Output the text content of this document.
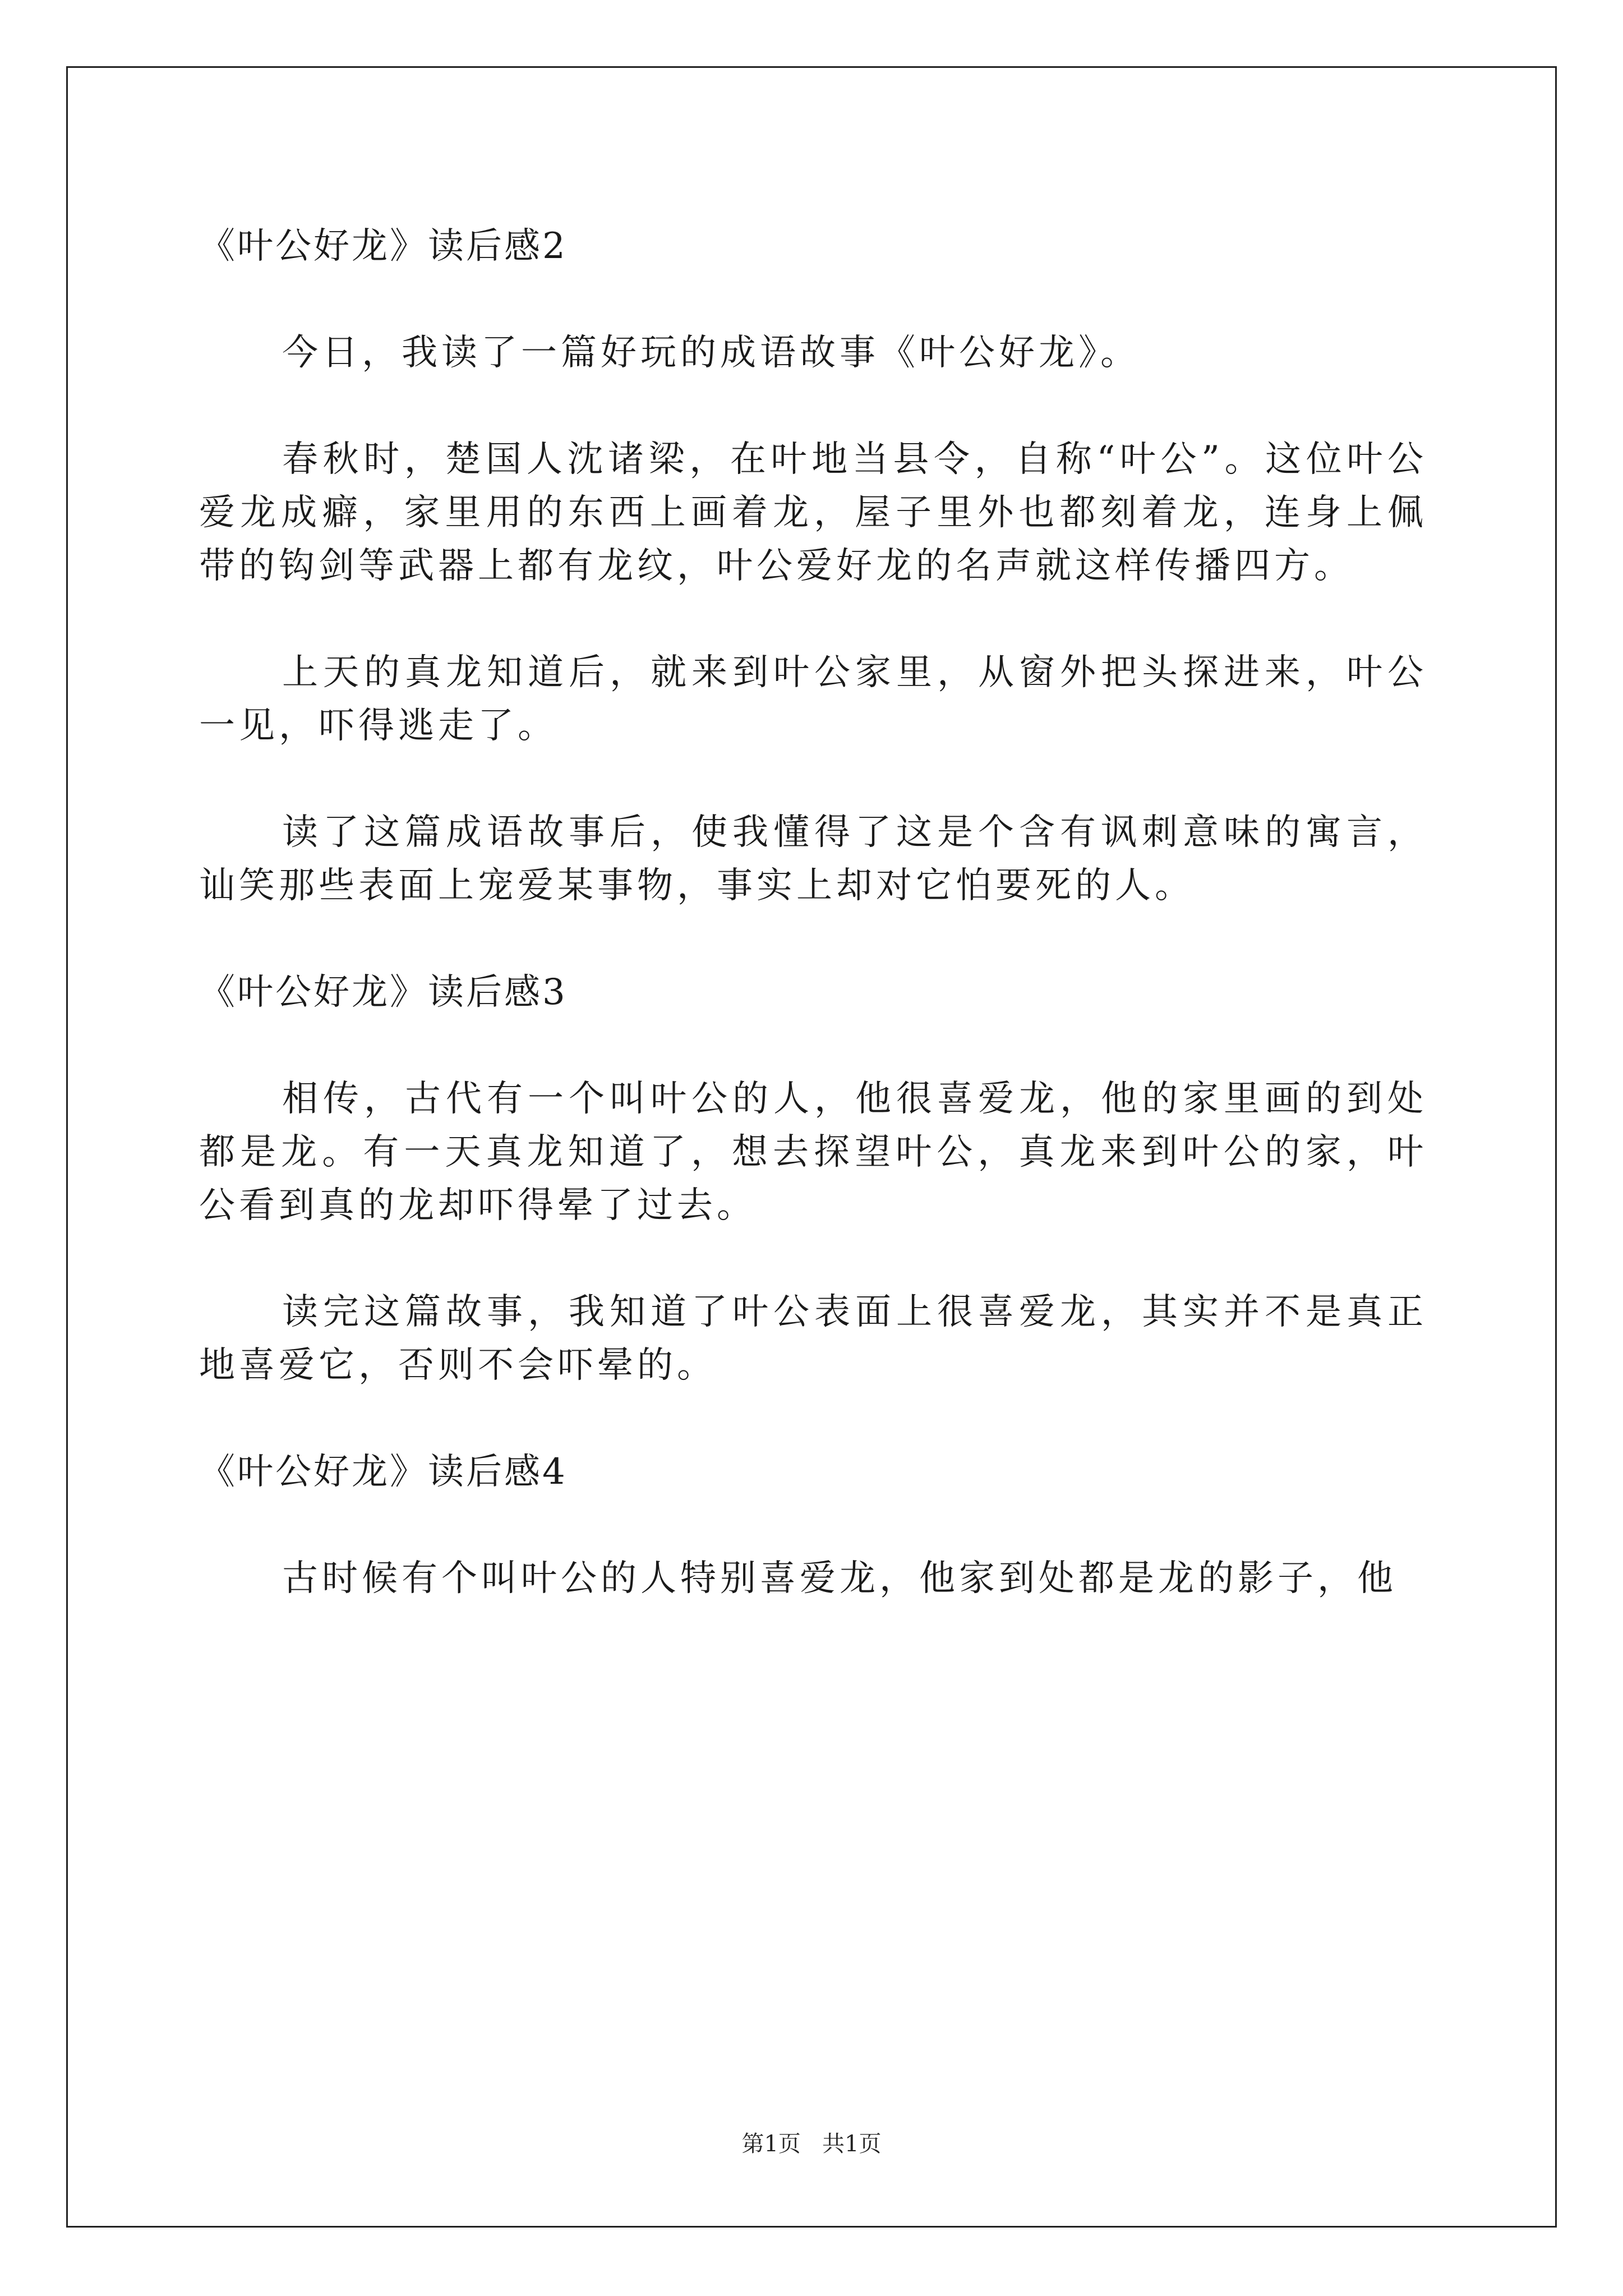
《叶公好龙》读后感2
今日，我读了一篇好玩的成语故事《叶公好龙》。
春秋时，楚国人沈诸梁，在叶地当县令，自称“叶公”。这位叶公爱龙成癖，家里用的东西上画着龙，屋子里外也都刻着龙，连身上佩带的钩剑等武器上都有龙纹，叶公爱好龙的名声就这样传播四方。
上天的真龙知道后，就来到叶公家里，从窗外把头探进来，叶公一见，吓得逃走了。
读了这篇成语故事后，使我懂得了这是个含有讽刺意味的寓言，讪笑那些表面上宠爱某事物，事实上却对它怕要死的人。
《叶公好龙》读后感3
相传，古代有一个叫叶公的人，他很喜爱龙，他的家里画的到处都是龙。有一天真龙知道了，想去探望叶公，真龙来到叶公的家，叶公看到真的龙却吓得晕了过去。
读完这篇故事，我知道了叶公表面上很喜爱龙，其实并不是真正地喜爱它，否则不会吓晕的。
《叶公好龙》读后感4
古时候有个叫叶公的人特别喜爱龙，他家到处都是龙的影子，他
第1页   共1页
